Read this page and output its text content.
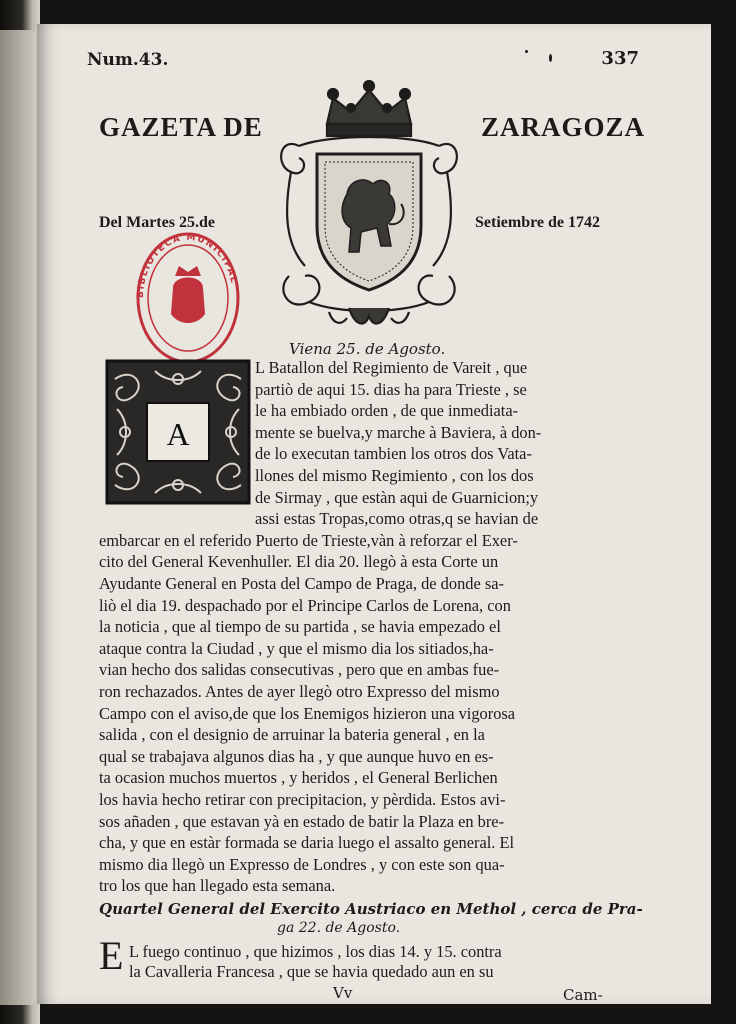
Num.43.	337
GAZETA DE	ZARAGOZA
Del Martes 25.de	Setiembre de 1742
BIBLIOTECA MUNICIPAL
A
Viena 25. de Agosto.
L Batallon del Regimiento de Vareit , que
partiò de aqui 15. dias ha para Trieste , se
le ha embiado orden , de que inmediata-
mente se buelva,y marche à Baviera, à don-
de lo executan tambien los otros dos Vata-
llones del mismo Regimiento , con los dos
de Sirmay , que estàn aqui de Guarnicion;y
assi estas Tropas,como otras,q se havian de
embarcar en el referido Puerto de Trieste,vàn à reforzar el Exer-
cito del General Kevenhuller. El dia 20. llegò à esta Corte un
Ayudante General en Posta del Campo de Praga, de donde sa-
liò el dia 19. despachado por el Principe Carlos de Lorena, con
la noticia , que al tiempo de su partida , se havia empezado el
ataque contra la Ciudad , y que el mismo dia los sitiados,ha-
vian hecho dos salidas consecutivas , pero que en ambas fue-
ron rechazados. Antes de ayer llegò otro Expresso del mismo
Campo con el aviso,de que los Enemigos hizieron una vigorosa
salida , con el designio de arruinar la bateria general , en la
qual se trabajava algunos dias ha , y que aunque huvo en es-
ta ocasion muchos muertos , y heridos , el General Berlichen
los havia hecho retirar con precipitacion, y pèrdida. Estos avi-
sos añaden , que estavan yà en estado de batir la Plaza en bre-
cha, y que en estàr formada se daria luego el assalto general. El
mismo dia llegò un Expresso de Londres , y con este son qua-
tro los que han llegado esta semana.
Quartel General del Exercito Austriaco en Methol , cerca de Pra-
L fuego continuo , que hizimos , los dias 14. y 15. contra
la Cavalleria Francesa , que se havia quedado aun en su
E
Vv	Cam-
ga 22. de Agosto.
